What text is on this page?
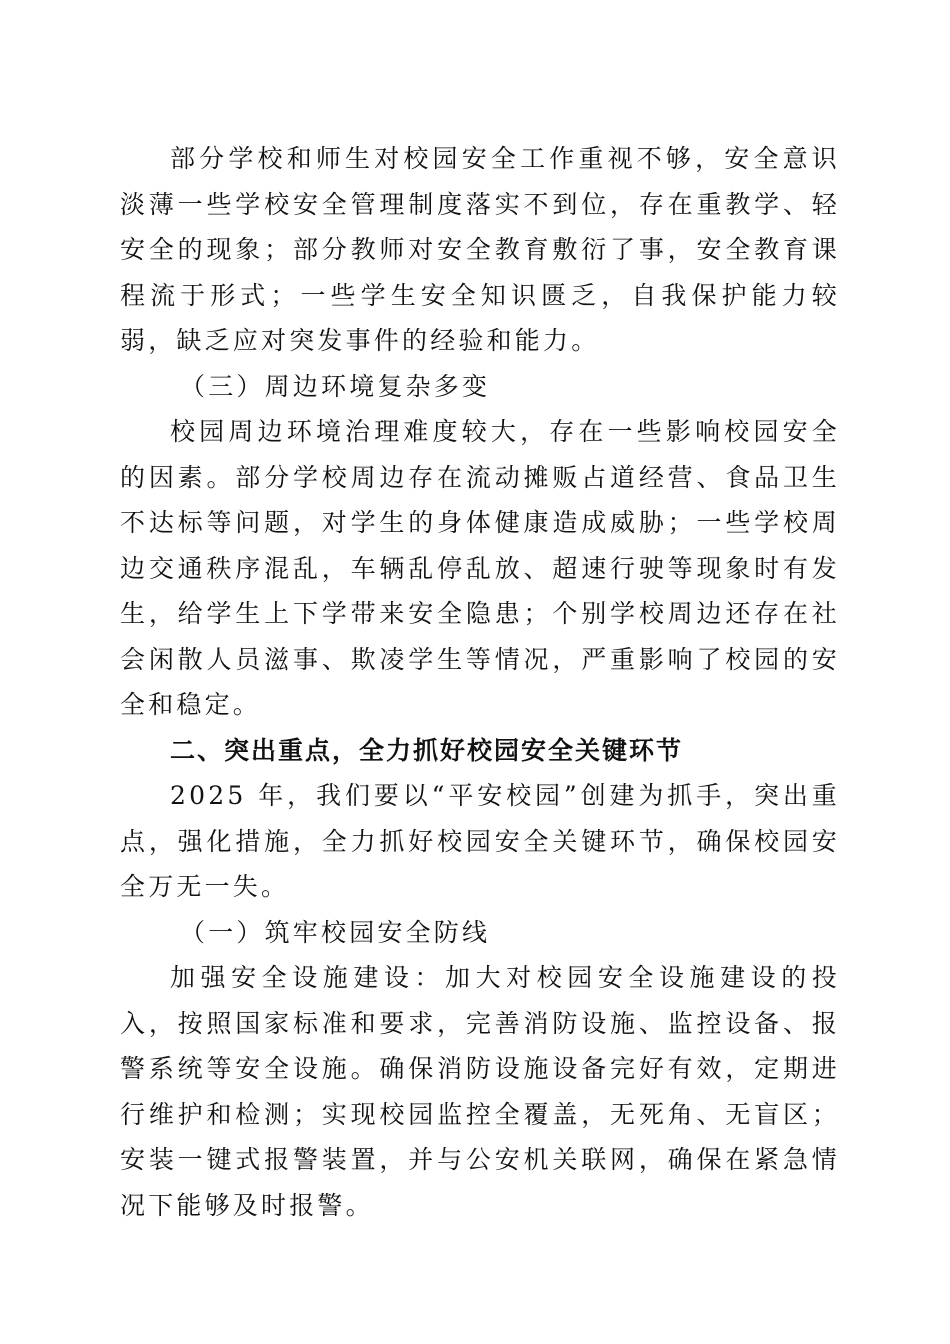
部分学校和师生对校园安全工作重视不够，安全意识淡薄一些学校安全管理制度落实不到位，存在重教学、轻安全的现象；部分教师对安全教育敷衍了事，安全教育课程流于形式；一些学生安全知识匮乏，自我保护能力较弱，缺乏应对突发事件的经验和能力。

（三）周边环境复杂多变

校园周边环境治理难度较大，存在一些影响校园安全的因素。部分学校周边存在流动摊贩占道经营、食品卫生不达标等问题，对学生的身体健康造成威胁；一些学校周边交通秩序混乱，车辆乱停乱放、超速行驶等现象时有发生，给学生上下学带来安全隐患；个别学校周边还存在社会闲散人员滋事、欺凌学生等情况，严重影响了校园的安全和稳定。

二、突出重点，全力抓好校园安全关键环节

2025 年，我们要以“平安校园”创建为抓手，突出重点，强化措施，全力抓好校园安全关键环节，确保校园安全万无一失。

（一）筑牢校园安全防线

加强安全设施建设：加大对校园安全设施建设的投入，按照国家标准和要求，完善消防设施、监控设备、报警系统等安全设施。确保消防设施设备完好有效，定期进行维护和检测；实现校园监控全覆盖，无死角、无盲区；安装一键式报警装置，并与公安机关联网，确保在紧急情况下能够及时报警。
